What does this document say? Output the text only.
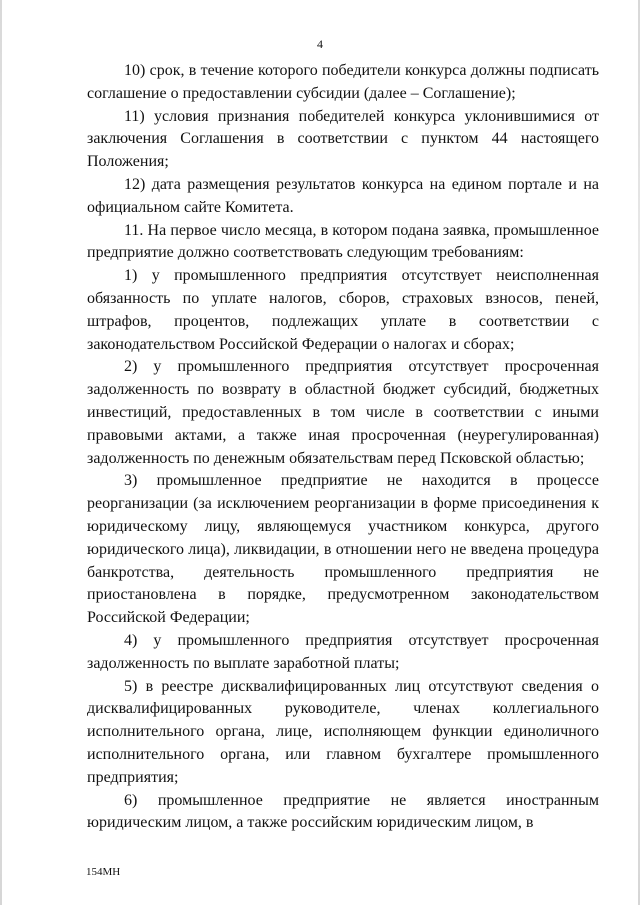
4

10) срок, в течение которого победители конкурса должны подписать соглашение о предоставлении субсидии (далее – Соглашение);

11) условия признания победителей конкурса уклонившимися от заключения Соглашения в соответствии с пунктом 44 настоящего Положения;

12) дата размещения результатов конкурса на едином портале и на официальном сайте Комитета.

11. На первое число месяца, в котором подана заявка, промышленное предприятие должно соответствовать следующим требованиям:

1) у промышленного предприятия отсутствует неисполненная обязанность по уплате налогов, сборов, страховых взносов, пеней, штрафов, процентов, подлежащих уплате в соответствии с законодательством Российской Федерации о налогах и сборах;

2) у промышленного предприятия отсутствует просроченная задолженность по возврату в областной бюджет субсидий, бюджетных инвестиций, предоставленных в том числе в соответствии с иными правовыми актами, а также иная просроченная (неурегулированная) задолженность по денежным обязательствам перед Псковской областью;

3) промышленное предприятие не находится в процессе реорганизации (за исключением реорганизации в форме присоединения к юридическому лицу, являющемуся участником конкурса, другого юридического лица), ликвидации, в отношении него не введена процедура банкротства, деятельность промышленного предприятия не приостановлена в порядке, предусмотренном законодательством Российской Федерации;

4) у промышленного предприятия отсутствует просроченная задолженность по выплате заработной платы;

5) в реестре дисквалифицированных лиц отсутствуют сведения о дисквалифицированных руководителе, членах коллегиального исполнительного органа, лице, исполняющем функции единоличного исполнительного органа, или главном бухгалтере промышленного предприятия;

6) промышленное предприятие не является иностранным юридическим лицом, а также российским юридическим лицом, в

154МН
